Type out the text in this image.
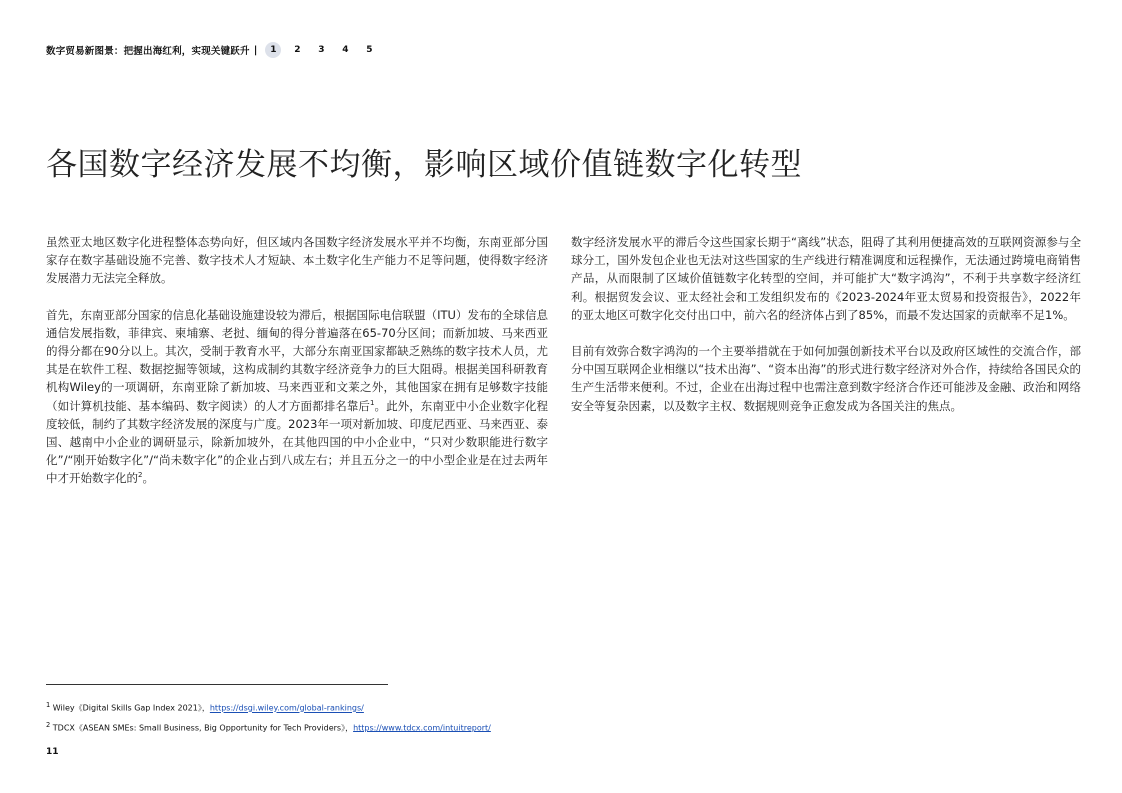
数字贸易新图景：把握出海红利，实现关键跃升 |	1	2	3	4	5
各国数字经济发展不均衡，影响区域价值链数字化转型

虽然亚太地区数字化进程整体态势向好，但区域内各国数字经济发展水平并不均衡，东南亚部分国家存在数字基础设施不完善、数字技术人才短缺、本土数字化生产能力不足等问题，使得数字经济发展潜力无法完全释放。

首先，东南亚部分国家的信息化基础设施建设较为滞后，根据国际电信联盟（ITU）发布的全球信息通信发展指数，菲律宾、柬埔寨、老挝、缅甸的得分普遍落在65-70分区间；而新加坡、马来西亚的得分都在90分以上。其次，受制于教育水平，大部分东南亚国家都缺乏熟练的数字技术人员，尤其是在软件工程、数据挖掘等领域，这构成制约其数字经济竞争力的巨大阻碍。根据美国科研教育机构Wiley的一项调研，东南亚除了新加坡、马来西亚和文莱之外，其他国家在拥有足够数字技能（如计算机技能、基本编码、数字阅读）的人才方面都排名靠后$^1$。此外，东南亚中小企业数字化程度较低，制约了其数字经济发展的深度与广度。2023年一项对新加坡、印度尼西亚、马来西亚、泰国、越南中小企业的调研显示，除新加坡外，在其他四国的中小企业中，“只对少数职能进行数字化”/“刚开始数字化”/“尚未数字化”的企业占到八成左右；并且五分之一的中小型企业是在过去两年中才开始数字化的$^2$。

数字经济发展水平的滞后令这些国家长期于“离线”状态，阻碍了其利用便捷高效的互联网资源参与全球分工，国外发包企业也无法对这些国家的生产线进行精准调度和远程操作，无法通过跨境电商销售产品，从而限制了区域价值链数字化转型的空间，并可能扩大“数字鸿沟”，不利于共享数字经济红利。根据贸发会议、亚太经社会和工发组织发布的《2023-2024年亚太贸易和投资报告》，2022年的亚太地区可数字化交付出口中，前六名的经济体占到了85%，而最不发达国家的贡献率不足1%。

目前有效弥合数字鸿沟的一个主要举措就在于如何加强创新技术平台以及政府区域性的交流合作，部分中国互联网企业相继以“技术出海”、“资本出海”的形式进行数字经济对外合作，持续给各国民众的生产生活带来便利。不过，企业在出海过程中也需注意到数字经济合作还可能涉及金融、政治和网络安全等复杂因素，以及数字主权、数据规则竞争正愈发成为各国关注的焦点。

$^1$ Wiley《Digital Skills Gap Index 2021》，https://dsgi.wiley.com/global-rankings/
$^2$ TDCX《ASEAN SMEs: Small Business, Big Opportunity for Tech Providers》，https://www.tdcx.com/intuitreport/
11
